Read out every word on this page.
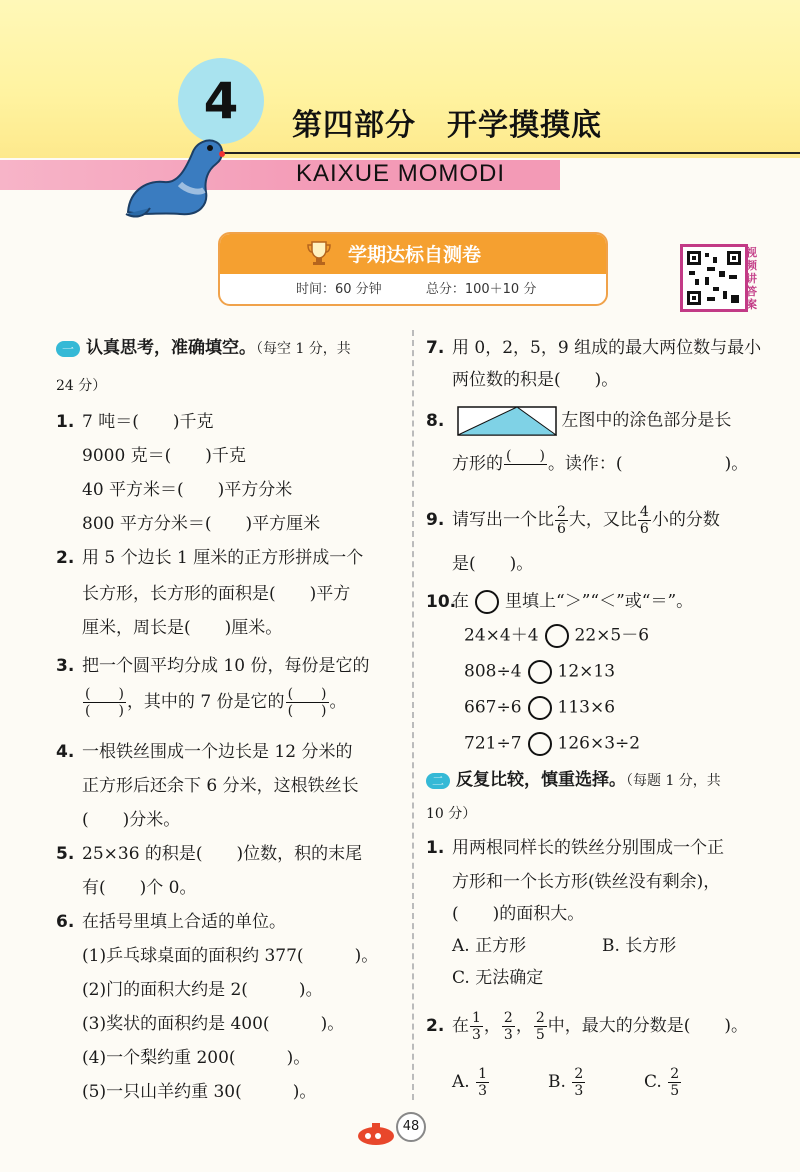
4	第四部分　开学摸摸底
KAIXUE MOMODI
学期达标自测卷
时间：60 分钟	总分：100＋10 分
视频讲答案
一 认真思考，准确填空。（每空 1 分，共
24 分）
1. 7 吨＝(　　)千克
9000 克＝(　　)千克
40 平方米＝(　　)平方分米
800 平方分米＝(　　)平方厘米
2. 用 5 个边长 1 厘米的正方形拼成一个
长方形，长方形的面积是(　　)平方
厘米，周长是(　　)厘米。
3. 把一个圆平均分成 10 份，每份是它的
$\frac{( )}{( )}$ ，其中的 7 份是它的 $\frac{( )}{( )}$ 。
4. 一根铁丝围成一个边长是 12 分米的
正方形后还余下 6 分米，这根铁丝长
(　　)分米。
5. 25×36 的积是(　　)位数，积的末尾
有(　　)个 0。
6. 在括号里填上合适的单位。
(1)乒乓球桌面的面积约 377(　　　)。
(2)门的面积大约是 2(　　　)。
(3)奖状的面积约是 400(　　　)。
(4)一个梨约重 200(　　　)。
(5)一只山羊约重 30(　　　)。
7. 用 0，2，5，9 组成的最大两位数与最小
两位数的积是(　　)。
8.	左图中的涂色部分是长
方形的 (　　) 。读作：(　　　　　　)。
9. 请写出一个比 $\frac{2}{6}$ 大，又比 $\frac{4}{6}$ 小的分数
是(　　)。
10.在 里填上“＞”“＜”或“＝”。
24×4＋4 22×5－6
808÷4 12×13
667÷6 113×6
721÷7 126×3÷2
二 反复比较，慎重选择。（每题 1 分，共
10 分）
1. 用两根同样长的铁丝分别围成一个正
方形和一个长方形(铁丝没有剩余)，
(　　)的面积大。
A. 正方形	B. 长方形
C. 无法确定
2. 在 $\frac{1}{3}$ ， $\frac{2}{3}$ ， $\frac{2}{5}$ 中，最大的分数是(　　)。
A. $\frac{1}{3}$	B. $\frac{2}{3}$	C. $\frac{2}{5}$
48
